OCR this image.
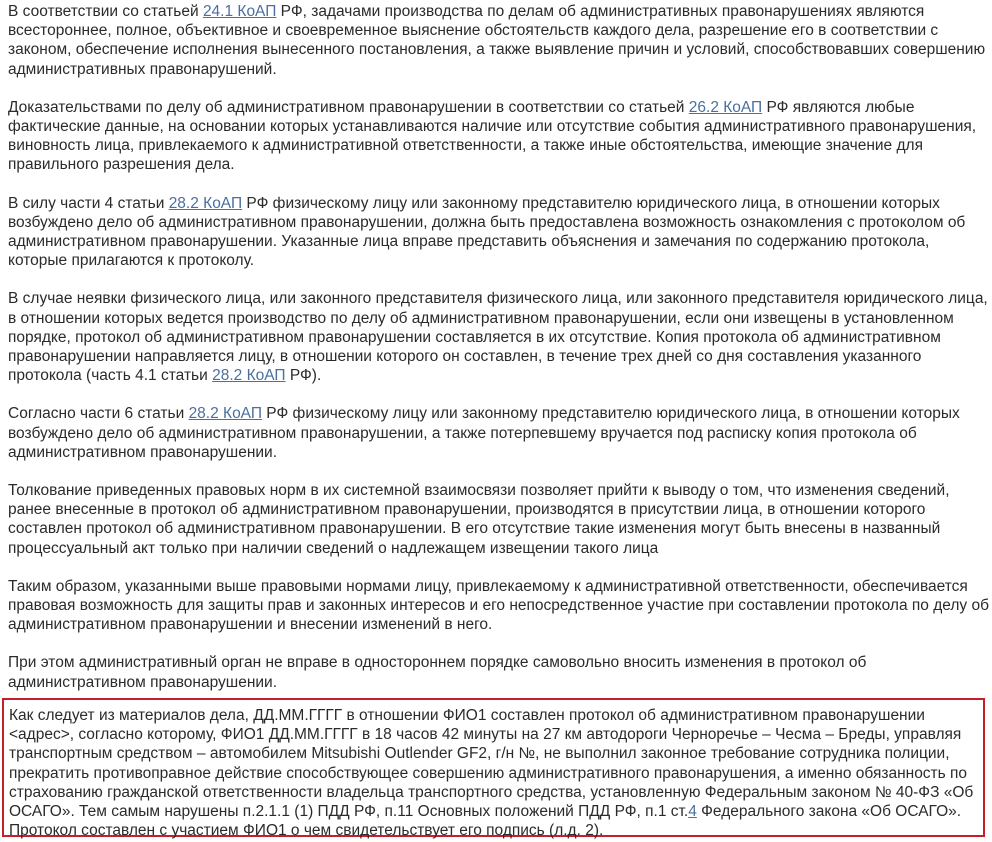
В соответствии со статьей 24.1 КоАП РФ, задачами производства по делам об административных правонарушениях являются всестороннее, полное, объективное и своевременное выяснение обстоятельств каждого дела, разрешение его в соответствии с законом, обеспечение исполнения вынесенного постановления, а также выявление причин и условий, способствовавших совершению административных правонарушений.

Доказательствами по делу об административном правонарушении в соответствии со статьей 26.2 КоАП РФ являются любые фактические данные, на основании которых устанавливаются наличие или отсутствие события административного правонарушения, виновность лица, привлекаемого к административной ответственности, а также иные обстоятельства, имеющие значение для правильного разрешения дела.

В силу части 4 статьи 28.2 КоАП РФ физическому лицу или законному представителю юридического лица, в отношении которых возбуждено дело об административном правонарушении, должна быть предоставлена возможность ознакомления с протоколом об административном правонарушении. Указанные лица вправе представить объяснения и замечания по содержанию протокола, которые прилагаются к протоколу.

В случае неявки физического лица, или законного представителя физического лица, или законного представителя юридического лица, в отношении которых ведется производство по делу об административном правонарушении, если они извещены в установленном порядке, протокол об административном правонарушении составляется в их отсутствие. Копия протокола об административном правонарушении направляется лицу, в отношении которого он составлен, в течение трех дней со дня составления указанного протокола (часть 4.1 статьи 28.2 КоАП РФ).

Согласно части 6 статьи 28.2 КоАП РФ физическому лицу или законному представителю юридического лица, в отношении которых возбуждено дело об административном правонарушении, а также потерпевшему вручается под расписку копия протокола об административном правонарушении.

Толкование приведенных правовых норм в их системной взаимосвязи позволяет прийти к выводу о том, что изменения сведений, ранее внесенные в протокол об административном правонарушении, производятся в присутствии лица, в отношении которого составлен протокол об административном правонарушении. В его отсутствие такие изменения могут быть внесены в названный процессуальный акт только при наличии сведений о надлежащем извещении такого лица

Таким образом, указанными выше правовыми нормами лицу, привлекаемому к административной ответственности, обеспечивается правовая возможность для защиты прав и законных интересов и его непосредственное участие при составлении протокола по делу об административном правонарушении и внесении изменений в него.

При этом административный орган не вправе в одностороннем порядке самовольно вносить изменения в протокол об административном правонарушении.

Как следует из материалов дела, ДД.ММ.ГГГГ в отношении ФИО1 составлен протокол об административном правонарушении <адрес>, согласно которому, ФИО1 ДД.ММ.ГГГГ в 18 часов 42 минуты на 27 км автодороги Черноречье – Чесма – Бреды, управляя транспортным средством – автомобилем Mitsubishi Outlender GF2, г/н №, не выполнил законное требование сотрудника полиции, прекратить противоправное действие способствующее совершению административного правонарушения, а именно обязанность по страхованию гражданской ответственности владельца транспортного средства, установленную Федеральным законом № 40-ФЗ «Об ОСАГО». Тем самым нарушены п.2.1.1 (1) ПДД РФ, п.11 Основных положений ПДД РФ, п.1 ст.4 Федерального закона «Об ОСАГО». Протокол составлен с участием ФИО1 о чем свидетельствует его подпись (л.д. 2).
